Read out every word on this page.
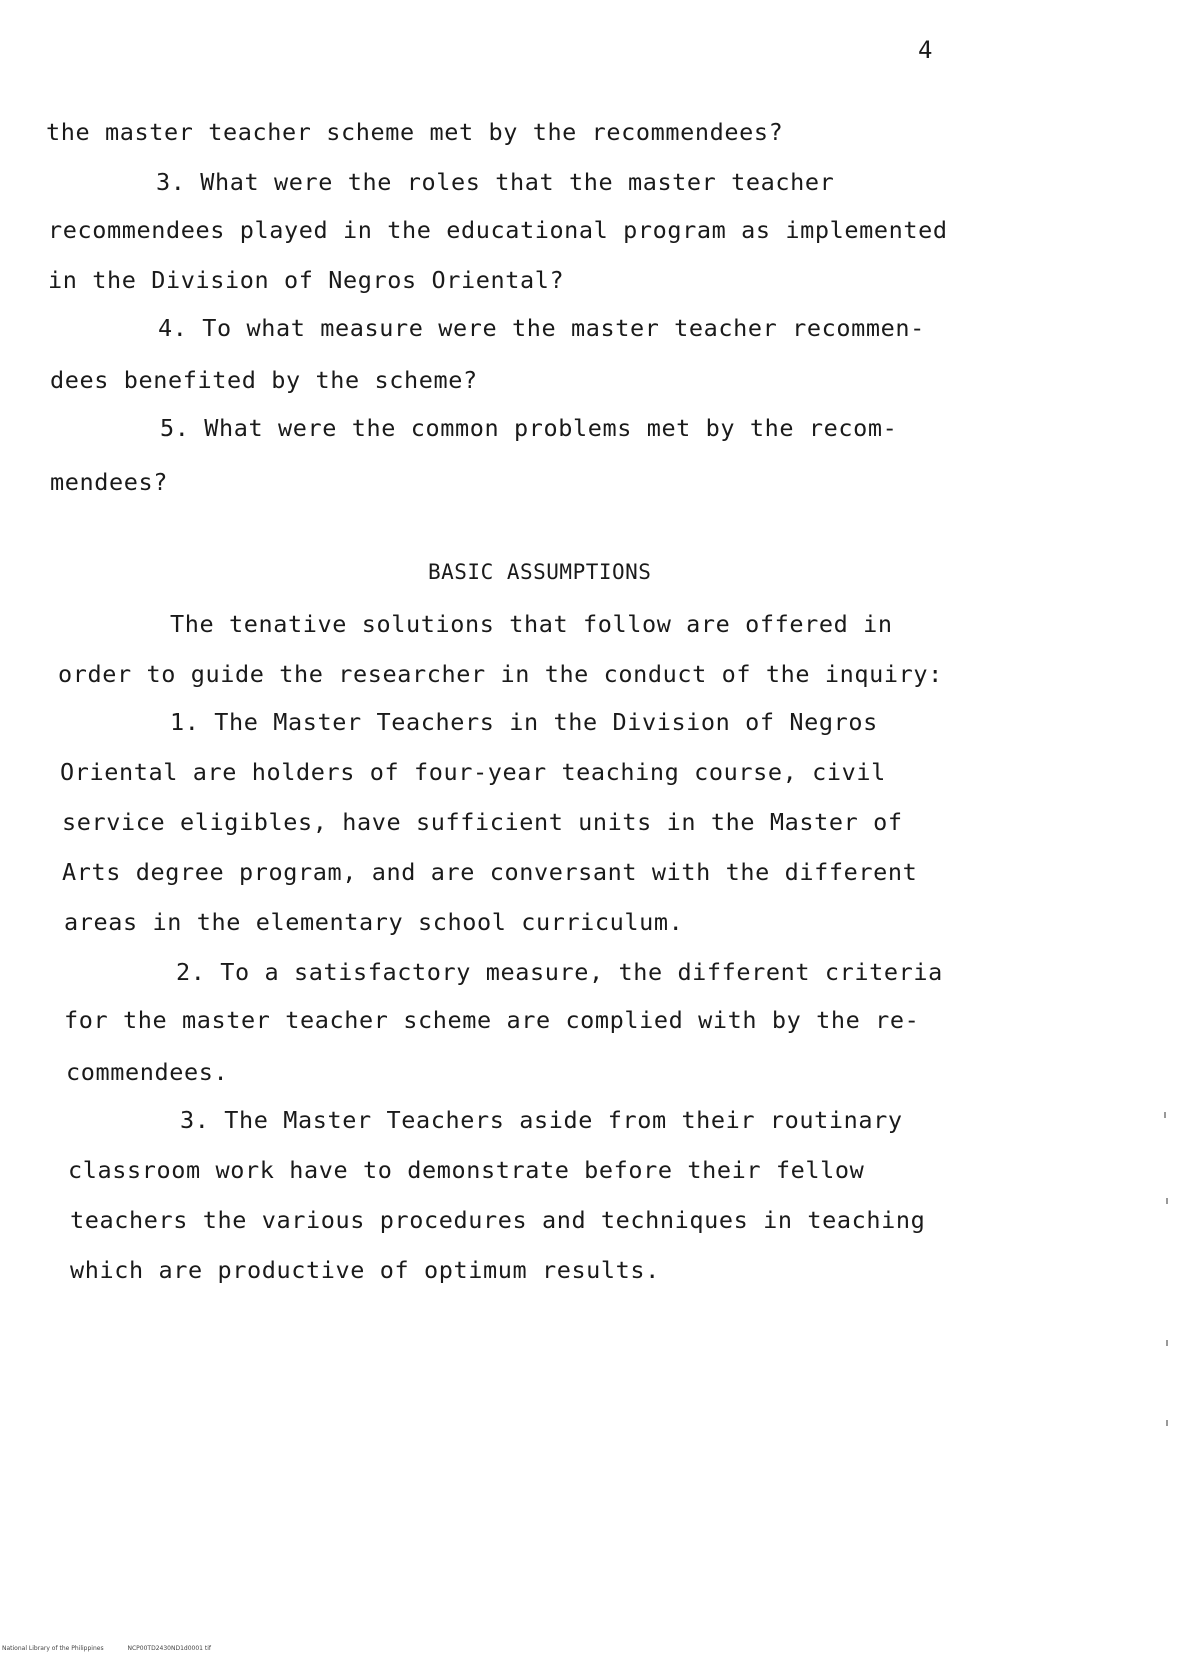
4
the master teacher scheme met by the recommendees?
3. What were the roles that the master teacher
recommendees played in the educational program as implemented
in the Division of Negros Oriental?
4. To what measure were the master teacher recommen-
dees benefited by the scheme?
5. What were the common problems met by the recom-
mendees?
BASIC ASSUMPTIONS
The tenative solutions that follow are offered in
order to guide the researcher in the conduct of the inquiry:
1. The Master Teachers in the Division of Negros
Oriental are holders of four-year teaching course, civil
service eligibles, have sufficient units in the Master of
Arts degree program, and are conversant with the different
areas in the elementary school curriculum.
2. To a satisfactory measure, the different criteria
for the master teacher scheme are complied with by the re-
commendees.
3. The Master Teachers aside from their routinary
classroom work have to demonstrate before their fellow
teachers the various procedures and techniques in teaching
which are productive of optimum results.
National Library of the Philippines	NCP00TD2430ND1d0001 tif
